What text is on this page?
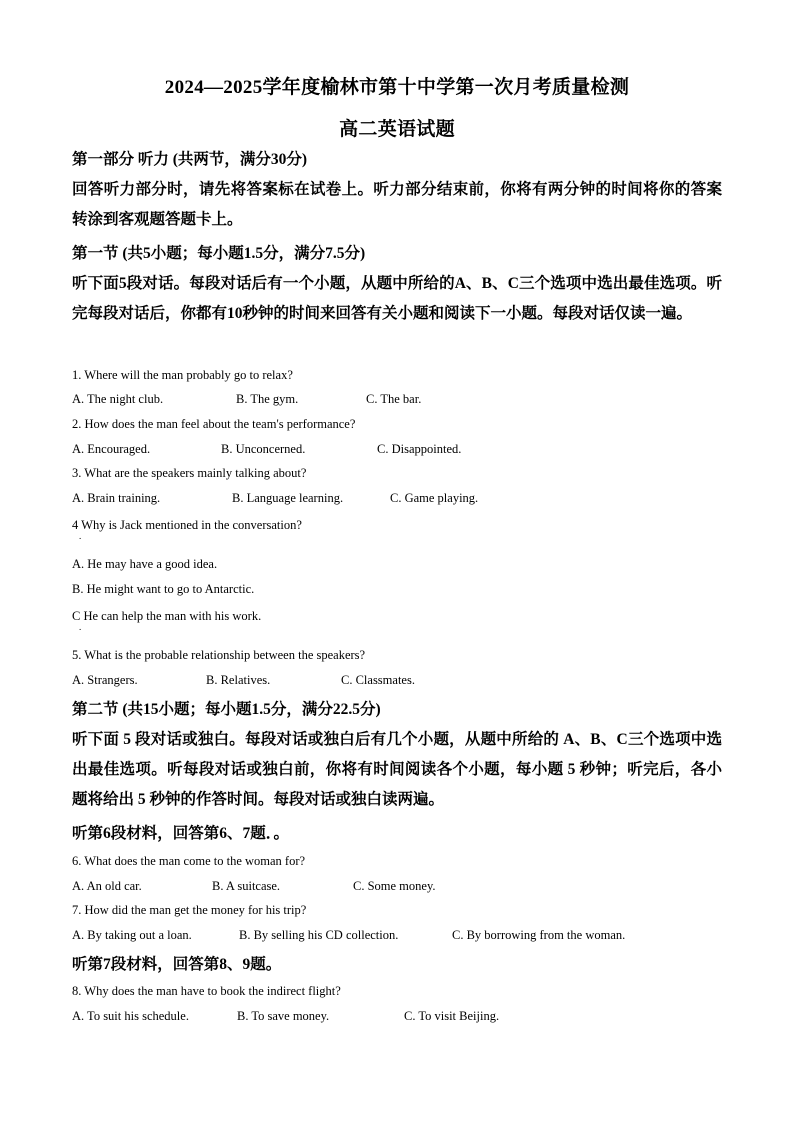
2024—2025学年度榆林市第十中学第一次月考质量检测
高二英语试题
第一部分 听力 (共两节，满分30分)
回答听力部分时，请先将答案标在试卷上。听力部分结束前，你将有两分钟的时间将你的答案转涂到客观题答题卡上。
第一节 (共5小题；每小题1.5分，满分7.5分)
听下面5段对话。每段对话后有一个小题，从题中所给的A、B、C三个选项中选出最佳选项。听完每段对话后，你都有10秒钟的时间来回答有关小题和阅读下一小题。每段对话仅读一遍。
1. Where will the man probably go to relax?
A. The night club.	B. The gym.	C. The bar.
2. How does the man feel about the team's performance?
A. Encouraged.	B. Unconcerned.	C. Disappointed.
3. What are the speakers mainly talking about?
A. Brain training.	B. Language learning.	C. Game playing.
4 Why is Jack mentioned in the conversation?
.
A. He may have a good idea.
B. He might want to go to Antarctic.
C He can help the man with his work.
.
5. What is the probable relationship between the speakers?
A. Strangers.	B. Relatives.	C. Classmates.
第二节 (共15小题；每小题1.5分，满分22.5分)
听下面 5 段对话或独白。每段对话或独白后有几个小题，从题中所给的 A、B、C三个选项中选出最佳选项。听每段对话或独白前，你将有时间阅读各个小题，每小题 5 秒钟；听完后，各小题将给出 5 秒钟的作答时间。每段对话或独白读两遍。
听第6段材料，回答第6、7题．。
6. What does the man come to the woman for?
A. An old car.	B. A suitcase.	C. Some money.
7. How did the man get the money for his trip?
A. By taking out a loan.	B. By selling his CD collection.	C. By borrowing from the woman.
听第7段材料，回答第8、9题。
8. Why does the man have to book the indirect flight?
A. To suit his schedule.	B. To save money.	C. To visit Beijing.
